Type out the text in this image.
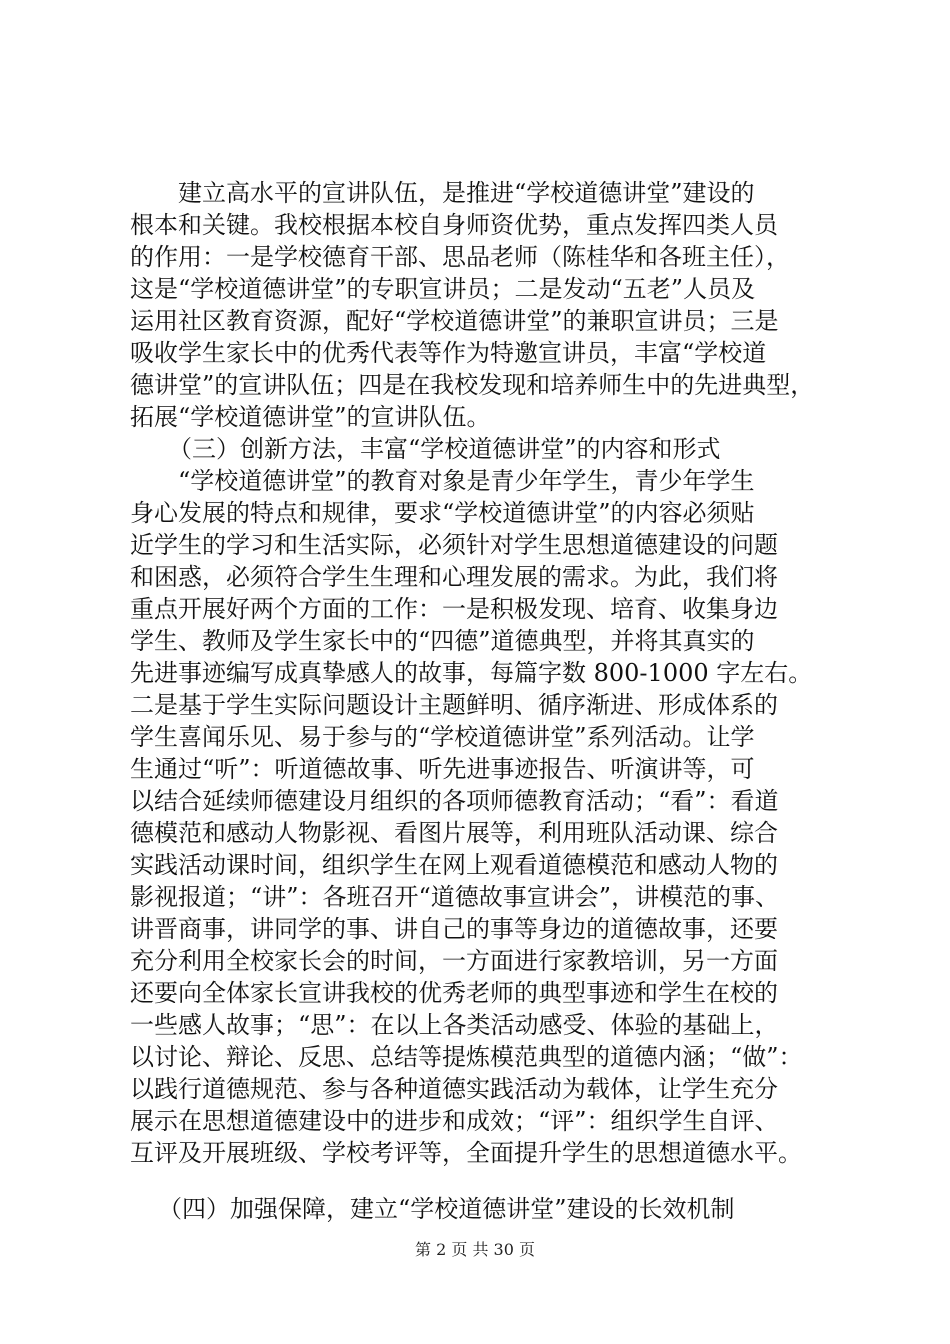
　　建立高水平的宣讲队伍，是推进“学校道德讲堂”建设的
根本和关键。我校根据本校自身师资优势，重点发挥四类人员
的作用：一是学校德育干部、思品老师（陈桂华和各班主任），
这是“学校道德讲堂”的专职宣讲员；二是发动“五老”人员及
运用社区教育资源，配好“学校道德讲堂”的兼职宣讲员；三是
吸收学生家长中的优秀代表等作为特邀宣讲员，丰富“学校道
德讲堂”的宣讲队伍；四是在我校发现和培养师生中的先进典型，
拓展“学校道德讲堂”的宣讲队伍。
（三）创新方法，丰富“学校道德讲堂”的内容和形式
　　“学校道德讲堂”的教育对象是青少年学生，青少年学生
身心发展的特点和规律，要求“学校道德讲堂”的内容必须贴
近学生的学习和生活实际，必须针对学生思想道德建设的问题
和困惑，必须符合学生生理和心理发展的需求。为此，我们将
重点开展好两个方面的工作：一是积极发现、培育、收集身边
学生、教师及学生家长中的“四德”道德典型，并将其真实的
先进事迹编写成真挚感人的故事，每篇字数 800-1000 字左右。
二是基于学生实际问题设计主题鲜明、循序渐进、形成体系的
学生喜闻乐见、易于参与的“学校道德讲堂”系列活动。让学
生通过“听”：听道德故事、听先进事迹报告、听演讲等，可
以结合延续师德建设月组织的各项师德教育活动；“看”：看道
德模范和感动人物影视、看图片展等，利用班队活动课、综合
实践活动课时间，组织学生在网上观看道德模范和感动人物的
影视报道；“讲”：各班召开“道德故事宣讲会”，讲模范的事、
讲晋商事，讲同学的事、讲自己的事等身边的道德故事，还要
充分利用全校家长会的时间，一方面进行家教培训，另一方面
还要向全体家长宣讲我校的优秀老师的典型事迹和学生在校的
一些感人故事；“思”：在以上各类活动感受、体验的基础上，
以讨论、辩论、反思、总结等提炼模范典型的道德内涵；“做”：
以践行道德规范、参与各种道德实践活动为载体，让学生充分
展示在思想道德建设中的进步和成效；“评”：组织学生自评、
互评及开展班级、学校考评等，全面提升学生的思想道德水平。
（四）加强保障，建立“学校道德讲堂”建设的长效机制
第 2 页 共 30 页
